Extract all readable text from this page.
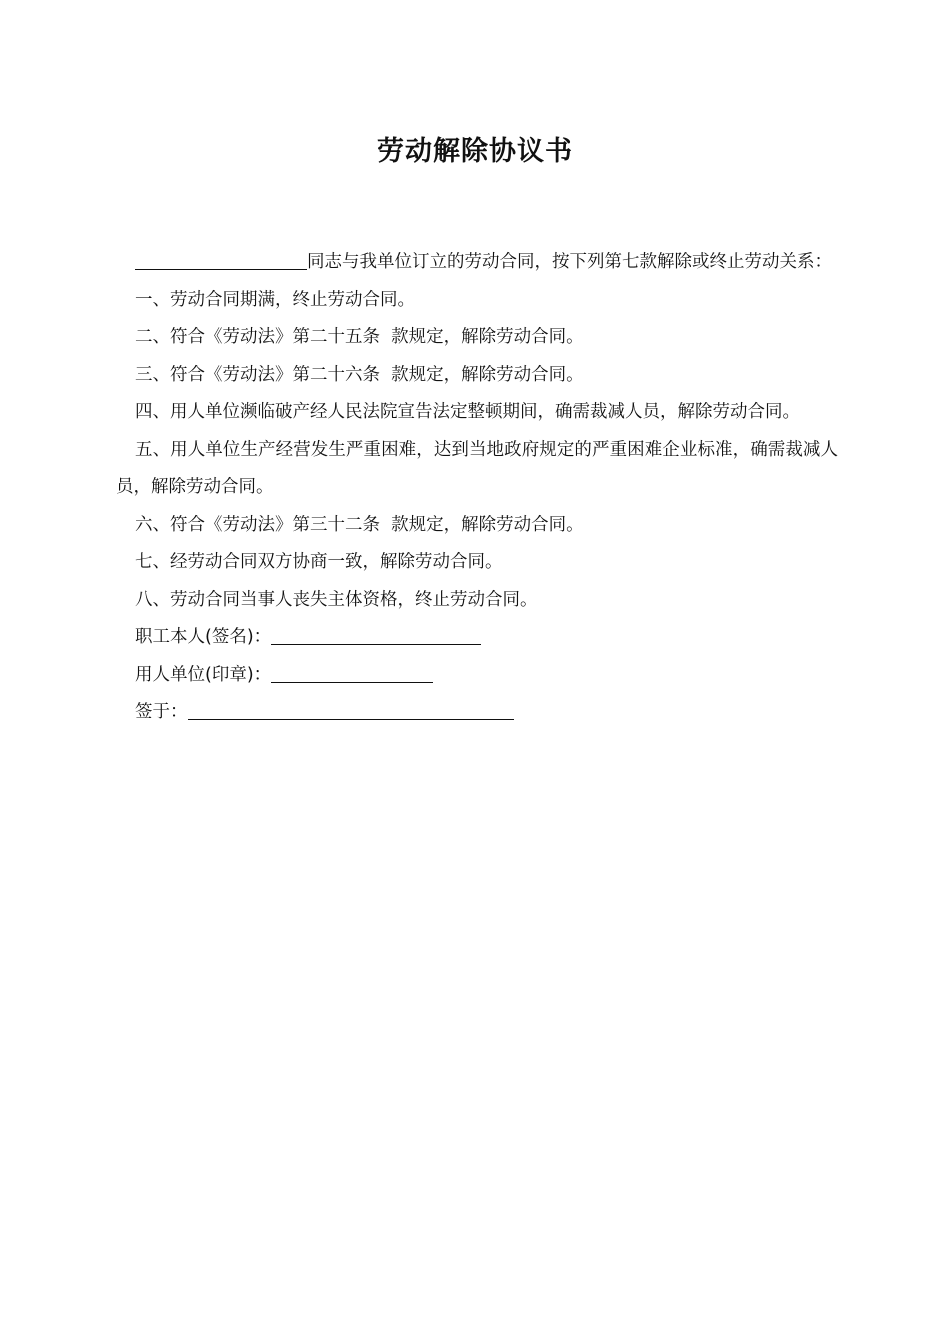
劳动解除协议书

同志与我单位订立的劳动合同，按下列第七款解除或终止劳动关系：

一、劳动合同期满，终止劳动合同。

二、符合《劳动法》第二十五条  款规定，解除劳动合同。

三、符合《劳动法》第二十六条  款规定，解除劳动合同。

四、用人单位濒临破产经人民法院宣告法定整顿期间，确需裁减人员，解除劳动合同。

五、用人单位生产经营发生严重困难，达到当地政府规定的严重困难企业标准，确需裁减人员，解除劳动合同。

六、符合《劳动法》第三十二条  款规定，解除劳动合同。

七、经劳动合同双方协商一致，解除劳动合同。

八、劳动合同当事人丧失主体资格，终止劳动合同。

职工本人(签名)：

用人单位(印章)：

签于：
